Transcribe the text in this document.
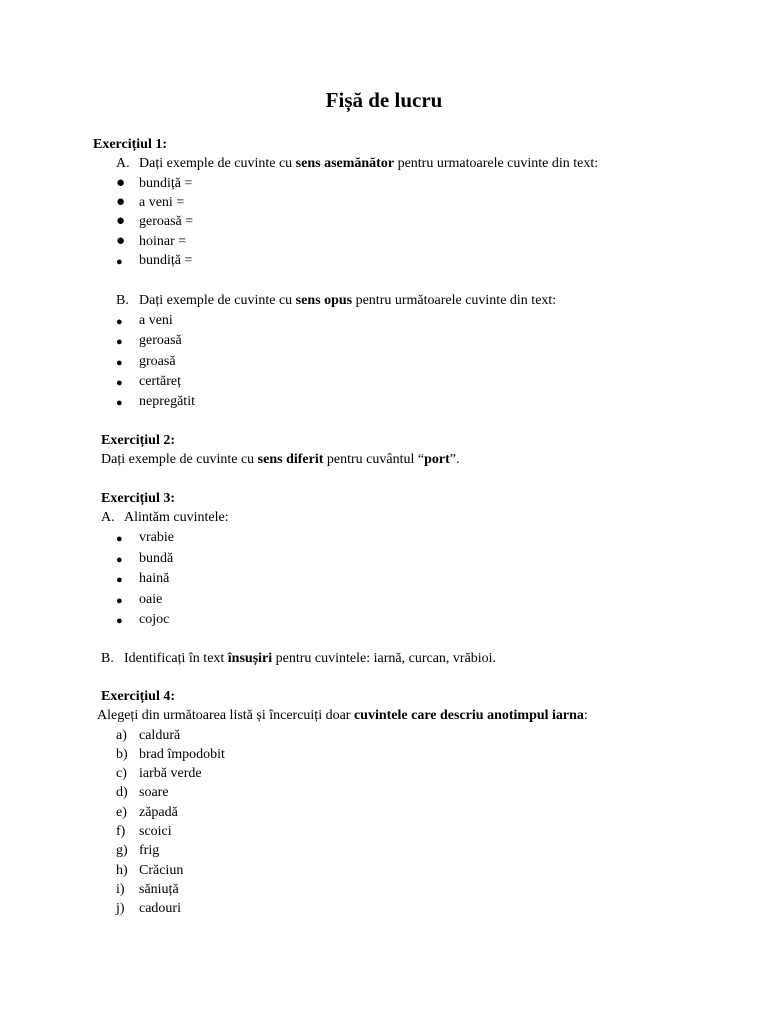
Fișă de lucru
Exercițiul 1:
A. Dați exemple de cuvinte cu sens asemănător pentru urmatoarele cuvinte din text:
● bundiță =
● a veni =
● geroasă =
● hoinar =
● bundiță =
B. Dați exemple de cuvinte cu sens opus pentru următoarele cuvinte din text:
● a veni
● geroasă
● groasă
● certăreț
● nepregătit
Exercițiul 2:
Dați exemple de cuvinte cu sens diferit pentru cuvântul “port”.
Exercițiul 3:
A. Alintăm cuvintele:
● vrabie
● bundă
● haină
● oaie
● cojoc
B. Identificați în text însușiri pentru cuvintele: iarnă, curcan, vrăbioi.
Exercițiul 4:
Alegeți din următoarea listă și încercuiți doar cuvintele care descriu anotimpul iarna:
a) caldură
b) brad împodobit
c) iarbă verde
d) soare
e) zăpadă
f) scoici
g) frig
h) Crăciun
i) săniuță
j) cadouri
